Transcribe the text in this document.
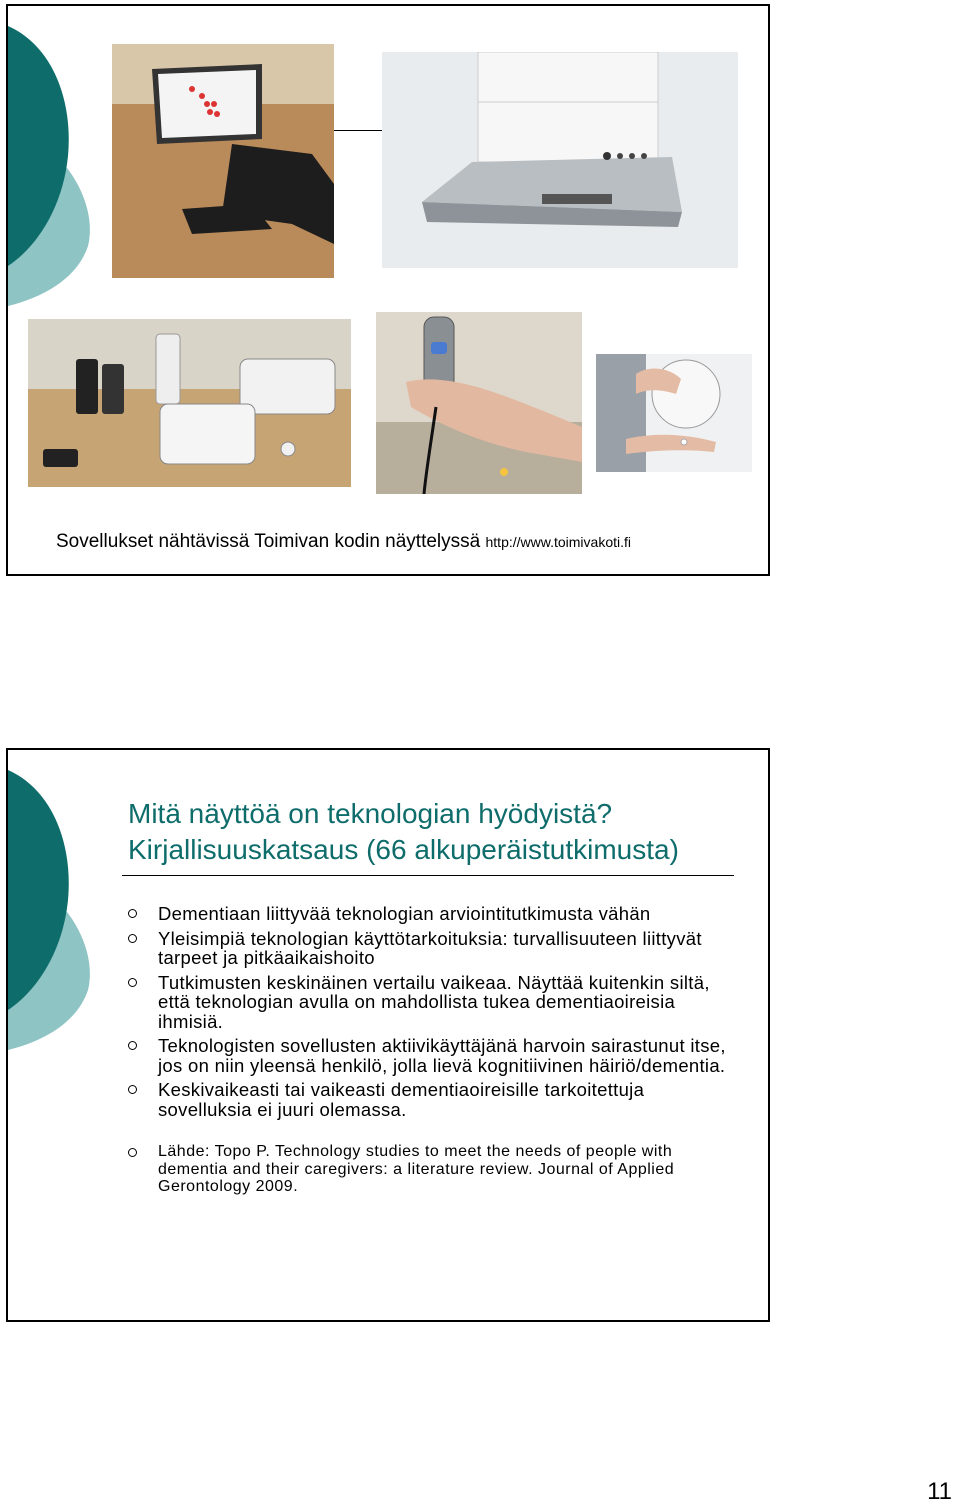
Sovellukset nähtävissä Toimivan kodin näyttelyssä http://www.toimivakoti.fi
Mitä näyttöä on teknologian hyödyistä?
Kirjallisuuskatsaus (66 alkuperäistutkimusta)
Dementiaan liittyvää teknologian arviointitutkimusta vähän
Yleisimpiä teknologian käyttötarkoituksia: turvallisuuteen liittyvät tarpeet ja pitkäaikaishoito
Tutkimusten keskinäinen vertailu vaikeaa. Näyttää kuitenkin siltä, että teknologian avulla on mahdollista tukea dementiaoireisia ihmisiä.
Teknologisten sovellusten aktiivikäyttäjänä harvoin sairastunut itse, jos on niin yleensä henkilö, jolla lievä kognitiivinen häiriö/dementia.
Keskivaikeasti tai vaikeasti dementiaoireisille tarkoitettuja sovelluksia ei juuri olemassa.
Lähde: Topo P. Technology studies to meet the needs of people with dementia and their caregivers: a literature review. Journal of Applied Gerontology 2009.
11
